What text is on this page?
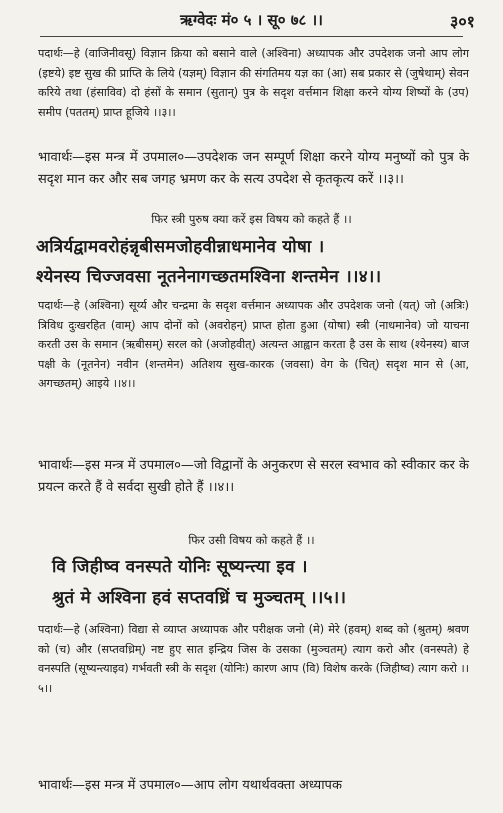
ऋग्वेदः मं० ५ । सू० ७८ ।।	३०१

पदार्थः—हे (वाजिनीवसू) विज्ञान क्रिया को बसाने वाले (अश्विना) अध्यापक और उपदेशक जनो आप लोग (इष्टये) इष्ट सुख की प्राप्ति के लिये (यज्ञम्) विज्ञान की संगतिमय यज्ञ का (आ) सब प्रकार से (जुषेथाम्) सेवन करिये तथा (हंसाविव) दो हंसों के समान (सुतान्) पुत्र के सदृश वर्त्तमान शिक्षा करने योग्य शिष्यों के (उप) समीप (पततम्) प्राप्त हूजिये ।।३।।

भावार्थः—इस मन्त्र में उपमाल०—उपदेशक जन सम्पूर्ण शिक्षा करने योग्य मनुष्यों को पुत्र के सदृश मान कर और सब जगह भ्रमण कर के सत्य उपदेश से कृतकृत्य करें ।।३।।

फिर स्त्री पुरुष क्या करें इस विषय को कहते हैं ।।
अत्रिर्यद्वामवरोहंन्नृबीसमजोहवीन्नाधमानेव योषा ।
श्येनस्य चिज्जवसा नूतनेनागच्छतमश्विना शन्तमेन ।।४।।

पदार्थः—हे (अश्विना) सूर्य्य और चन्द्रमा के सदृश वर्त्तमान अध्यापक और उपदेशक जनो (यत्) जो (अत्रिः) त्रिविध दुःखरहित (वाम्) आप दोनों को (अवरोहन्) प्राप्त होता हुआ (योषा) स्त्री (नाधमानेव) जो याचना करती उस के समान (ऋबीसम्) सरल को (अजोहवीत्) अत्यन्त आह्वान करता है उस के साथ (श्येनस्य) बाज पक्षी के (नूतनेन) नवीन (शन्तमेन) अतिशय सुख-कारक (जवसा) वेग के (चित्) सदृश मान से (आ, अगच्छतम्) आइये ।।४।।

भावार्थः—इस मन्त्र में उपमाल०—जो विद्वानों के अनुकरण से सरल स्वभाव को स्वीकार कर के प्रयत्न करते हैं वे सर्वदा सुखी होते हैं ।।४।।

फिर उसी विषय को कहते हैं ।।
वि जिहीष्व वनस्पते योनिः सूष्यन्त्या इव ।
श्रुतं मे अश्विना हवं सप्तवध्रिं च मुञ्चतम् ।।५।।

पदार्थः—हे (अश्विना) विद्या से व्याप्त अध्यापक और परीक्षक जनो (मे) मेरे (हवम्) शब्द को (श्रुतम्) श्रवण को (च) और (सप्तवध्रिम्) नष्ट हुए सात इन्द्रिय जिस के उसका (मुञ्चतम्) त्याग करो और (वनस्पते) हे वनस्पति (सूष्यन्त्याइव) गर्भवती स्त्री के सदृश (योनिः) कारण आप (वि) विशेष करके (जिहीष्व) त्याग करो ।।५।।

भावार्थः—इस मन्त्र में उपमाल०—आप लोग यथार्थवक्ता अध्यापक
